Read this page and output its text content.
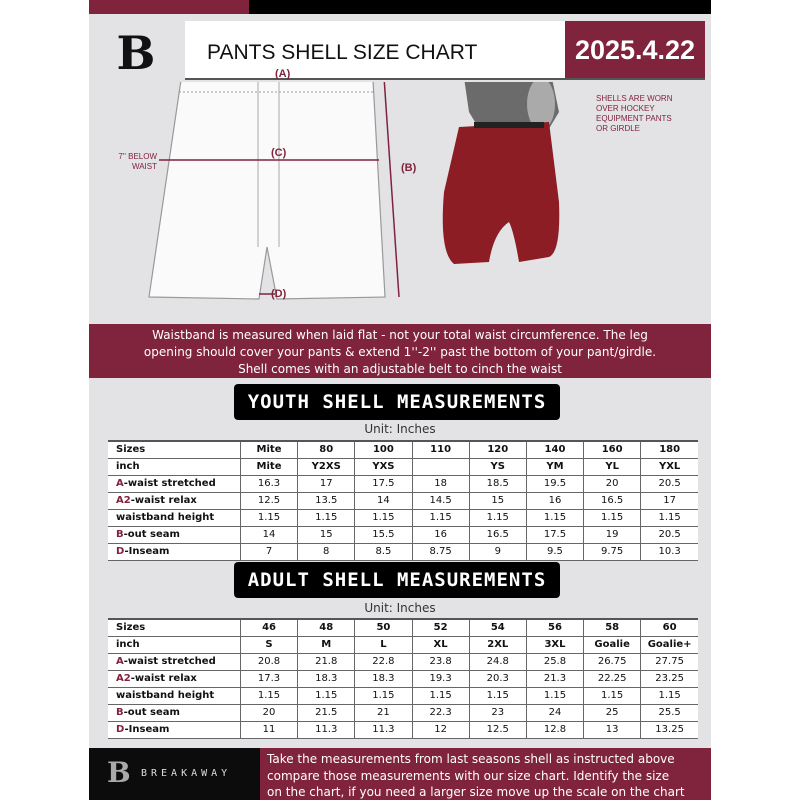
B PANTS SHELL SIZE CHART	2025.4.22
(A)
(C)
(B)
(D)
7'' BELOW WAIST
SHELLS ARE WORN OVER HOCKEY EQUIPMENT PANTS OR GIRDLE
Waistband is measured when laid flat - not your total waist circumference. The leg
opening should cover your pants & extend 1''-2'' past the bottom of your pant/girdle.
Shell comes with an adjustable belt to cinch the waist
YOUTH SHELL MEASUREMENTS
Unit: Inches
Sizes	Mite	80	100	110	120	140	160	180
inch	Mite	Y2XS	YXS		YS	YM	YL	YXL
A-waist stretched	16.3	17	17.5	18	18.5	19.5	20	20.5
A2-waist relax	12.5	13.5	14	14.5	15	16	16.5	17
waistband height	1.15	1.15	1.15	1.15	1.15	1.15	1.15	1.15
B-out seam	14	15	15.5	16	16.5	17.5	19	20.5
D-Inseam	7	8	8.5	8.75	9	9.5	9.75	10.3
ADULT SHELL MEASUREMENTS
Unit: Inches
Sizes	46	48	50	52	54	56	58	60
inch	S	M	L	XL	2XL	3XL	Goalie	Goalie+
A-waist stretched	20.8	21.8	22.8	23.8	24.8	25.8	26.75	27.75
A2-waist relax	17.3	18.3	18.3	19.3	20.3	21.3	22.25	23.25
waistband height	1.15	1.15	1.15	1.15	1.15	1.15	1.15	1.15
B-out seam	20	21.5	21	22.3	23	24	25	25.5
D-Inseam	11	11.3	11.3	12	12.5	12.8	13	13.25
B BREAKAWAY
Take the measurements from last seasons shell as instructed above
compare those measurements with our size chart. Identify the size
on the chart, if you need a larger size move up the scale on the chart
